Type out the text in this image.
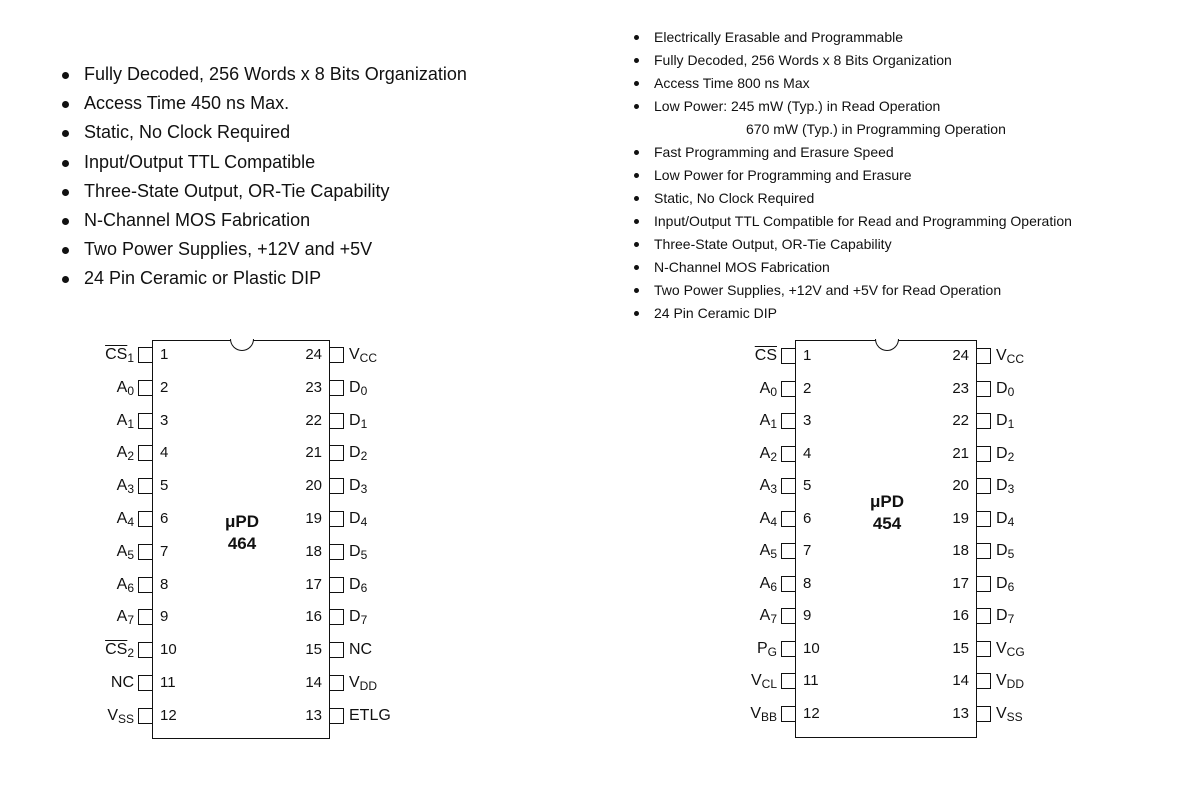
Fully Decoded, 256 Words x 8 Bits Organization
Access Time 450 ns Max.
Static, No Clock Required
Input/Output TTL Compatible
Three-State Output, OR-Tie Capability
N-Channel MOS Fabrication
Two Power Supplies, +12V and +5V
24 Pin Ceramic or Plastic DIP
Electrically Erasable and Programmable
Fully Decoded, 256 Words x 8 Bits Organization
Access Time 800 ns Max
Low Power: 245 mW (Typ.) in Read Operation
670 mW (Typ.) in Programming Operation
Fast Programming and Erasure Speed
Low Power for Programming and Erasure
Static, No Clock Required
Input/Output TTL Compatible for Read and Programming Operation
Three-State Output, OR-Tie Capability
N-Channel MOS Fabrication
Two Power Supplies, +12V and +5V for Read Operation
24 Pin Ceramic DIP
μPD
464
1
$\overline{CS}_1$
2
$A_0$
3
$A_1$
4
$A_2$
5
$A_3$
6
$A_4$
7
$A_5$
8
$A_6$
9
$A_7$
10
$\overline{CS}_2$
11
NC
12
$V_{SS}$
24 $V_{CC}$
23 $D_0$
22 $D_1$
21 $D_2$
20 $D_3$
19 $D_4$
18 $D_5$
17 $D_6$
16 $D_7$
15 NC
14 $V_{DD}$
13 ETLG
μPD
454
1
$\overline{CS}$
2
$A_0$
3
$A_1$
4
$A_2$
5
$A_3$
6
$A_4$
7
$A_5$
8
$A_6$
9
$A_7$
10
$P_G$
11
$V_{CL}$
12
$V_{BB}$
24 $V_{CC}$
23 $D_0$
22 $D_1$
21 $D_2$
20 $D_3$
19 $D_4$
18 $D_5$
17 $D_6$
16 $D_7$
15 $V_{CG}$
14 $V_{DD}$
13 $V_{SS}$
